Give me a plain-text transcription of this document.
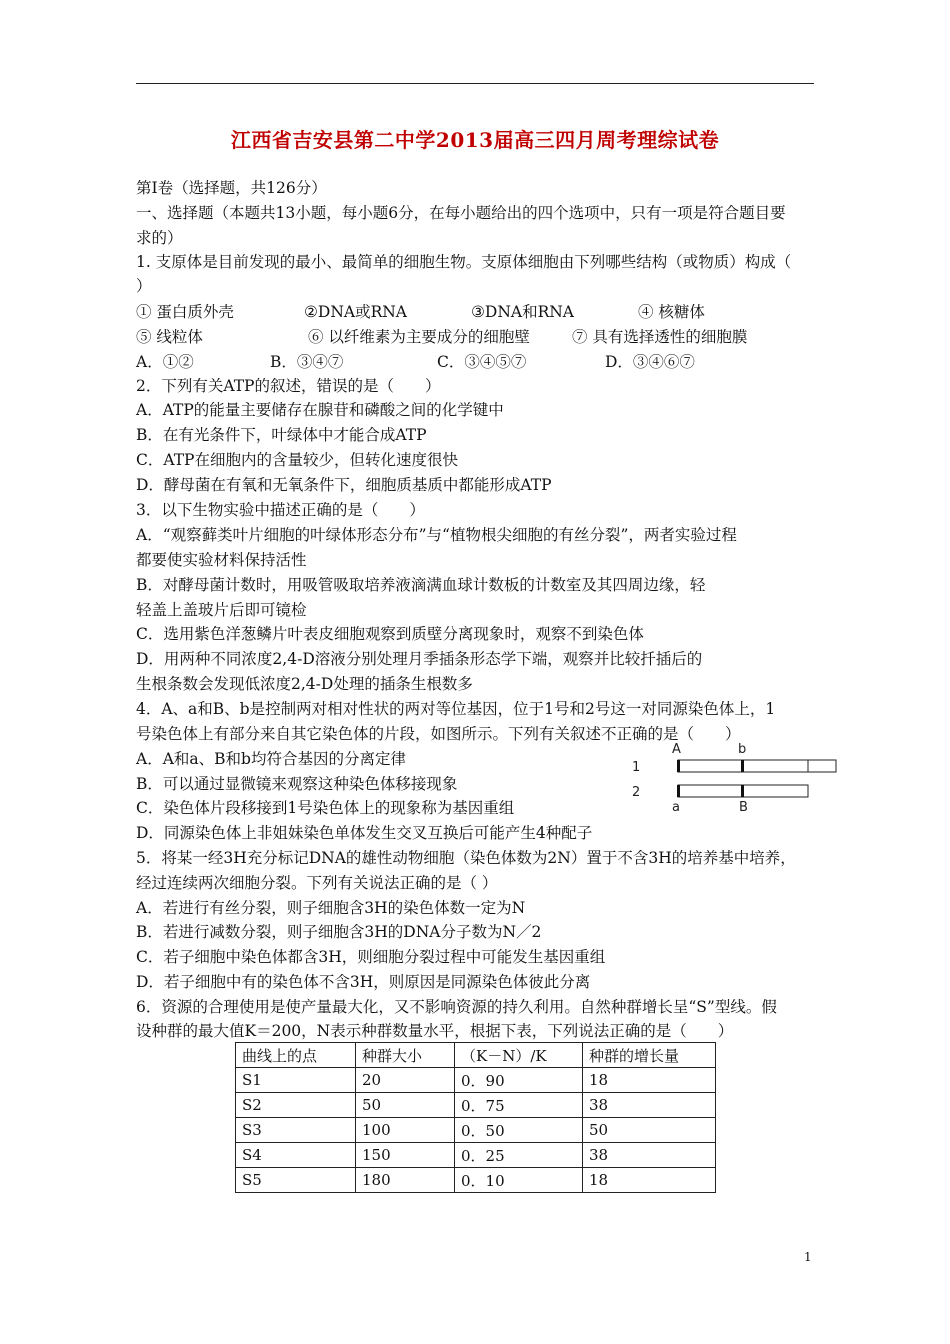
江西省吉安县第二中学2013届高三四月周考理综试卷
第I卷（选择题，共126分）
一、选择题（本题共13小题，每小题6分，在每小题给出的四个选项中，只有一项是符合题目要
求的）
1. 支原体是目前发现的最小、最简单的细胞生物。支原体细胞由下列哪些结构（或物质）构成（
）
① 蛋白质外壳	②DNA或RNA	③DNA和RNA	④ 核糖体
⑤ 线粒体	⑥ 以纤维素为主要成分的细胞壁	⑦ 具有选择透性的细胞膜
A．①②	B．③④⑦	C．③④⑤⑦	D．③④⑥⑦
2．下列有关ATP的叙述，错误的是（　　）
A．ATP的能量主要储存在腺苷和磷酸之间的化学键中
B．在有光条件下，叶绿体中才能合成ATP
C．ATP在细胞内的含量较少，但转化速度很快
D．酵母菌在有氧和无氧条件下，细胞质基质中都能形成ATP
3．以下生物实验中描述正确的是（　　）
A．“观察藓类叶片细胞的叶绿体形态分布”与“植物根尖细胞的有丝分裂”，两者实验过程
都要使实验材料保持活性
B．对酵母菌计数时，用吸管吸取培养液滴满血球计数板的计数室及其四周边缘，轻
轻盖上盖玻片后即可镜检
C．选用紫色洋葱鳞片叶表皮细胞观察到质壁分离现象时，观察不到染色体
D．用两种不同浓度2,4-D溶液分别处理月季插条形态学下端，观察并比较扦插后的
生根条数会发现低浓度2,4-D处理的插条生根数多
4．A、a和B、b是控制两对相对性状的两对等位基因，位于1号和2号这一对同源染色体上，1
号染色体上有部分来自其它染色体的片段，如图所示。下列有关叙述不正确的是（　　）
A．A和a、B和b均符合基因的分离定律
B．可以通过显微镜来观察这种染色体移接现象
C．染色体片段移接到1号染色体上的现象称为基因重组
D．同源染色体上非姐妹染色单体发生交叉互换后可能产生4种配子
A	b
1
2
a	B
5．将某一经3H充分标记DNA的雄性动物细胞（染色体数为2N）置于不含3H的培养基中培养，
经过连续两次细胞分裂。下列有关说法正确的是（ ）
A．若进行有丝分裂，则子细胞含3H的染色体数一定为N
B．若进行减数分裂，则子细胞含3H的DNA分子数为N／2
C．若子细胞中染色体都含3H，则细胞分裂过程中可能发生基因重组
D．若子细胞中有的染色体不含3H，则原因是同源染色体彼此分离
6．资源的合理使用是使产量最大化，又不影响资源的持久利用。自然种群增长呈“S”型线。假
设种群的最大值K＝200，N表示种群数量水平，根据下表，下列说法正确的是（　　）
曲线上的点	种群大小	（K－N）/K	种群的增长量
S1	20	0．90	18
S2	50	0．75	38
S3	100	0．50	50
S4	150	0．25	38
S5	180	0．10	18
1
